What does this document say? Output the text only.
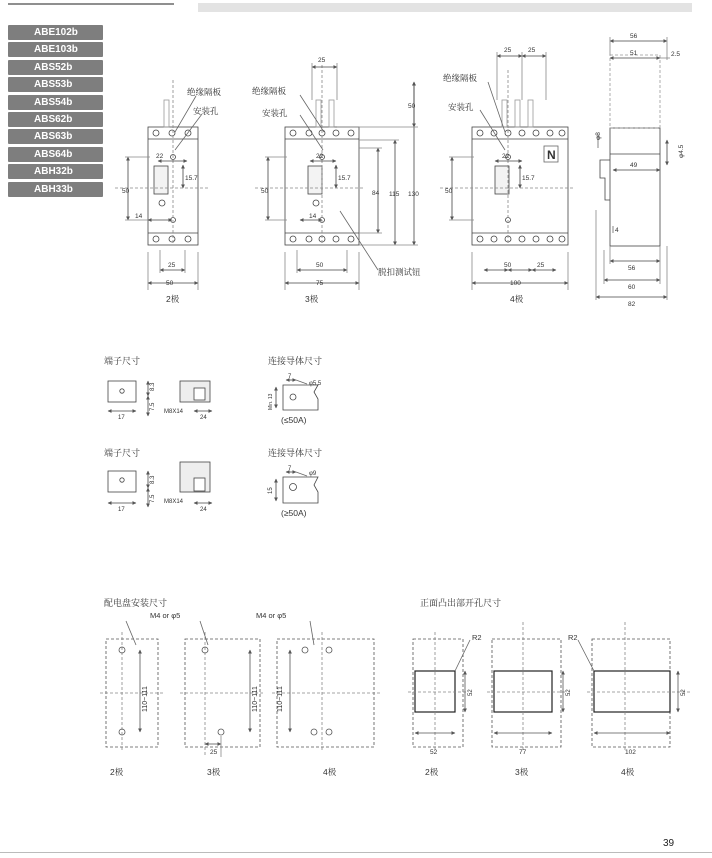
ABE102b
ABE103b
ABS52b
ABS53b
ABS54b
ABS62b
ABS63b
ABS64b
ABH32b
ABH33b
绝缘隔板
安装孔
2极
50
25
50
22
14
15.7
绝缘隔板
安装孔
25
3极
75
50
50
22
14
15.7
84 115 130
50
脱扣测试钮
绝缘隔板
安装孔
25	25
N
4极
100
50	25
50
22
15.7
56
51	2.5
49
4
56
60
82
φ8
φ4.5
端子尺寸
17
8.3
7.5
M8X14
24
连接导体尺寸
7
φ5.5
Min. 13
(≤50A)
端子尺寸
17
8.3
7.5 M8X14
24
连接导体尺寸
7
φ9
15
(≥50A)
配电盘安装尺寸
M4 or φ5	M4 or φ5
110~111	110~111	110~111
25
2极	3极	4极
正面凸出部开孔尺寸
R2	R2
52	52	52
52	77	102
2极	3极	4极
39
